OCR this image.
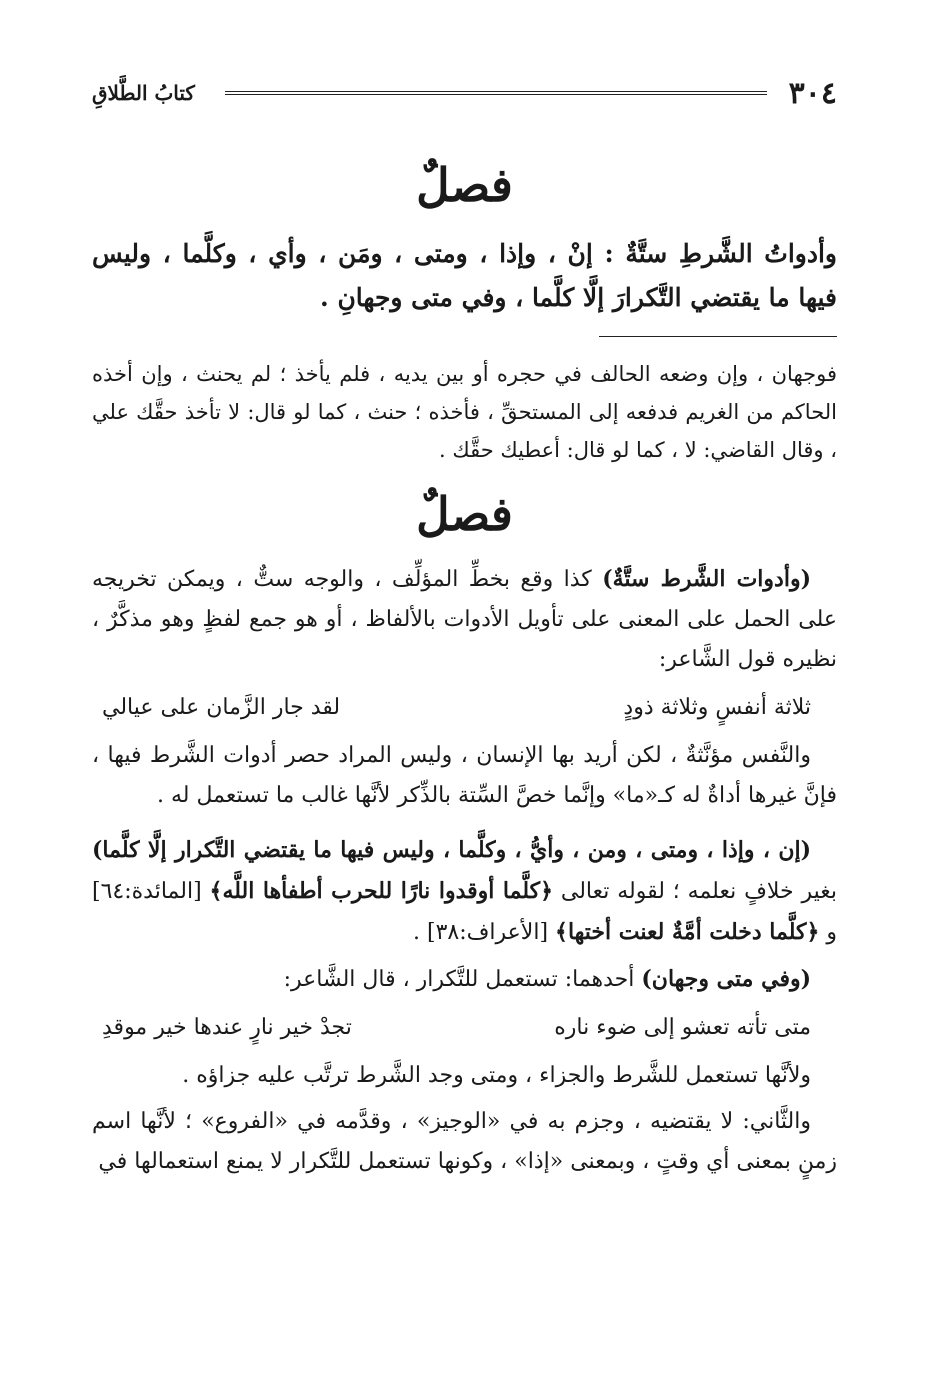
٣٠٤
كتابُ الطَّلاقِ
فصلٌ
وأدواتُ الشَّرطِ ستَّةٌ : إنْ ، وإذا ، ومتى ، ومَن ، وأي ، وكلَّما ، وليس فيها ما يقتضي التَّكرارَ إلَّا كلَّما ، وفي متى وجهانِ .
فوجهان ، وإن وضعه الحالف في حجره أو بين يديه ، فلم يأخذ ؛ لم يحنث ، وإن أخذه الحاكم من الغريم فدفعه إلى المستحقِّ ، فأخذه ؛ حنث ، كما لو قال: لا تأخذ حقَّك علي ، وقال القاضي: لا ، كما لو قال: أعطيك حقَّك .
فصلٌ
(وأدوات الشَّرط ستَّةٌ) كذا وقع بخطِّ المؤلِّف ، والوجه ستٌّ ، ويمكن تخريجه على الحمل على المعنى على تأويل الأدوات بالألفاظ ، أو هو جمع لفظٍ وهو مذكَّرٌ ، نظيره قول الشَّاعر:
ثلاثة أنفسٍ وثلاثة ذودٍ
لقد جار الزَّمان على عيالي
والنَّفس مؤنَّثةٌ ، لكن أريد بها الإنسان ، وليس المراد حصر أدوات الشَّرط فيها ، فإنَّ غيرها أداةٌ له كـ«ما» وإنَّما خصَّ السِّتة بالذِّكر لأنَّها غالب ما تستعمل له .
(إن ، وإذا ، ومتى ، ومن ، وأيُّ ، وكلَّما ، وليس فيها ما يقتضي التَّكرار إلَّا كلَّما) بغير خلافٍ نعلمه ؛ لقوله تعالى ﴿كلَّما أوقدوا نارًا للحرب أطفأها اللَّه﴾ [المائدة:٦٤] و ﴿كلَّما دخلت أمَّةٌ لعنت أختها﴾ [الأعراف:٣٨] .
(وفي متى وجهان) أحدهما: تستعمل للتَّكرار ، قال الشَّاعر:
متى تأته تعشو إلى ضوء ناره
تجدْ خير نارٍ عندها خير موقدِ
ولأنَّها تستعمل للشَّرط والجزاء ، ومتى وجد الشَّرط ترتَّب عليه جزاؤه .
والثَّاني: لا يقتضيه ، وجزم به في «الوجيز» ، وقدَّمه في «الفروع» ؛ لأنَّها اسم زمنٍ بمعنى أي وقتٍ ، وبمعنى «إذا» ، وكونها تستعمل للتَّكرار لا يمنع استعمالها في
